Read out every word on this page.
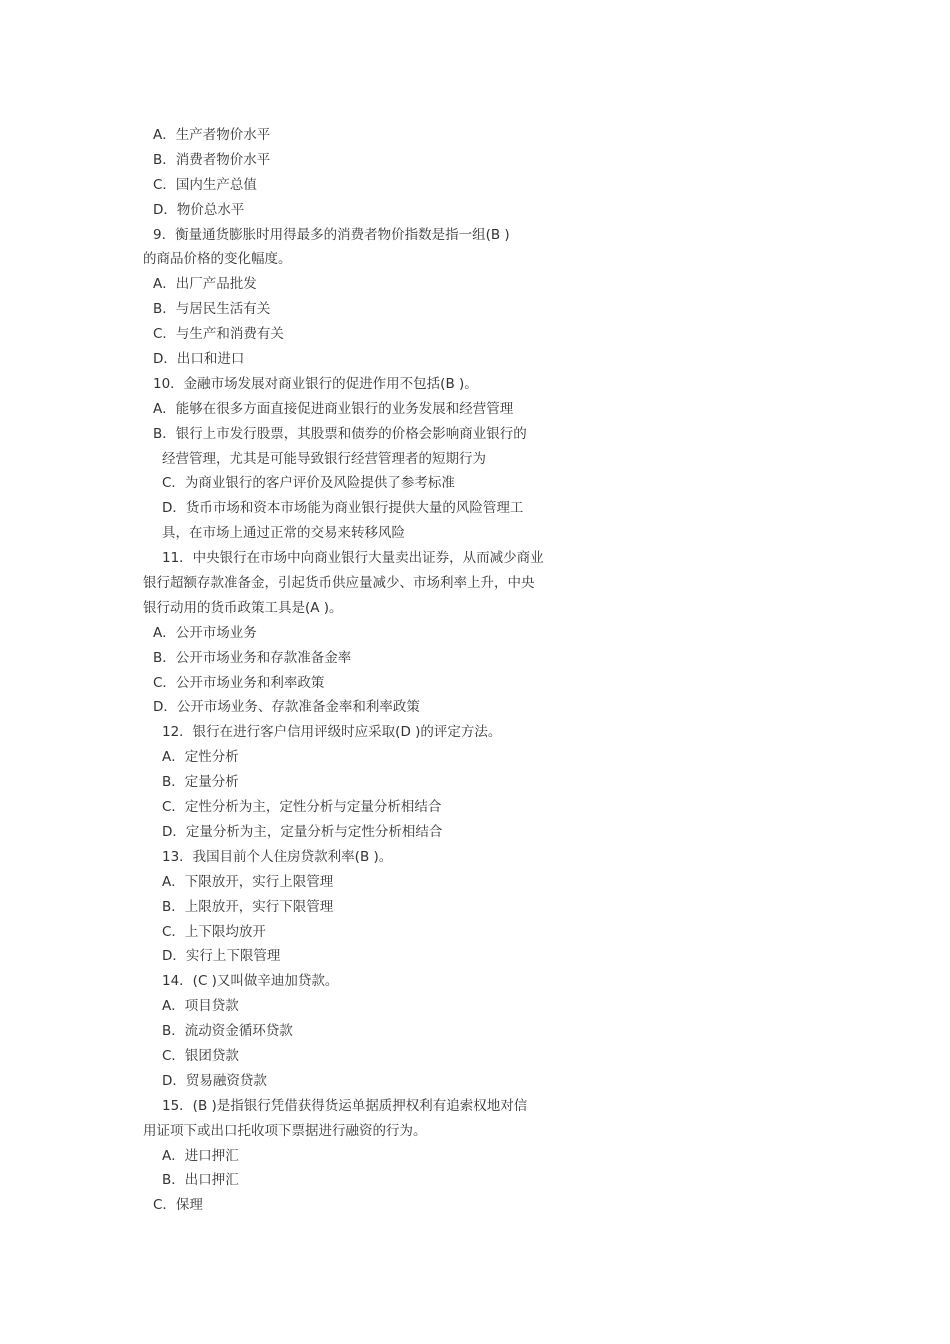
A．生产者物价水平
B．消费者物价水平
C．国内生产总值
D．物价总水平
9．衡量通货膨胀时用得最多的消费者物价指数是指一组(B )
的商品价格的变化幅度。
A．出厂产品批发
B．与居民生活有关
C．与生产和消费有关
D．出口和进口
10．金融市场发展对商业银行的促进作用不包括(B )。
A．能够在很多方面直接促进商业银行的业务发展和经营管理
B．银行上市发行股票，其股票和债券的价格会影响商业银行的
经营管理，尤其是可能导致银行经营管理者的短期行为
C．为商业银行的客户评价及风险提供了参考标准
D．货币市场和资本市场能为商业银行提供大量的风险管理工
具，在市场上通过正常的交易来转移风险
11．中央银行在市场中向商业银行大量卖出证券，从而减少商业
银行超额存款准备金，引起货币供应量减少、市场利率上升，中央
银行动用的货币政策工具是(A )。
A．公开市场业务
B．公开市场业务和存款准备金率
C．公开市场业务和利率政策
D．公开市场业务、存款准备金率和利率政策
12．银行在进行客户信用评级时应采取(D )的评定方法。
A．定性分析
B．定量分析
C．定性分析为主，定性分析与定量分析相结合
D．定量分析为主，定量分析与定性分析相结合
13．我国目前个人住房贷款利率(B )。
A．下限放开，实行上限管理
B．上限放开，实行下限管理
C．上下限均放开
D．实行上下限管理
14．(C )又叫做辛迪加贷款。
A．项目贷款
B．流动资金循环贷款
C．银团贷款
D．贸易融资贷款
15．(B )是指银行凭借获得货运单据质押权利有追索权地对信
用证项下或出口托收项下票据进行融资的行为。
A．进口押汇
B．出口押汇
C．保理
